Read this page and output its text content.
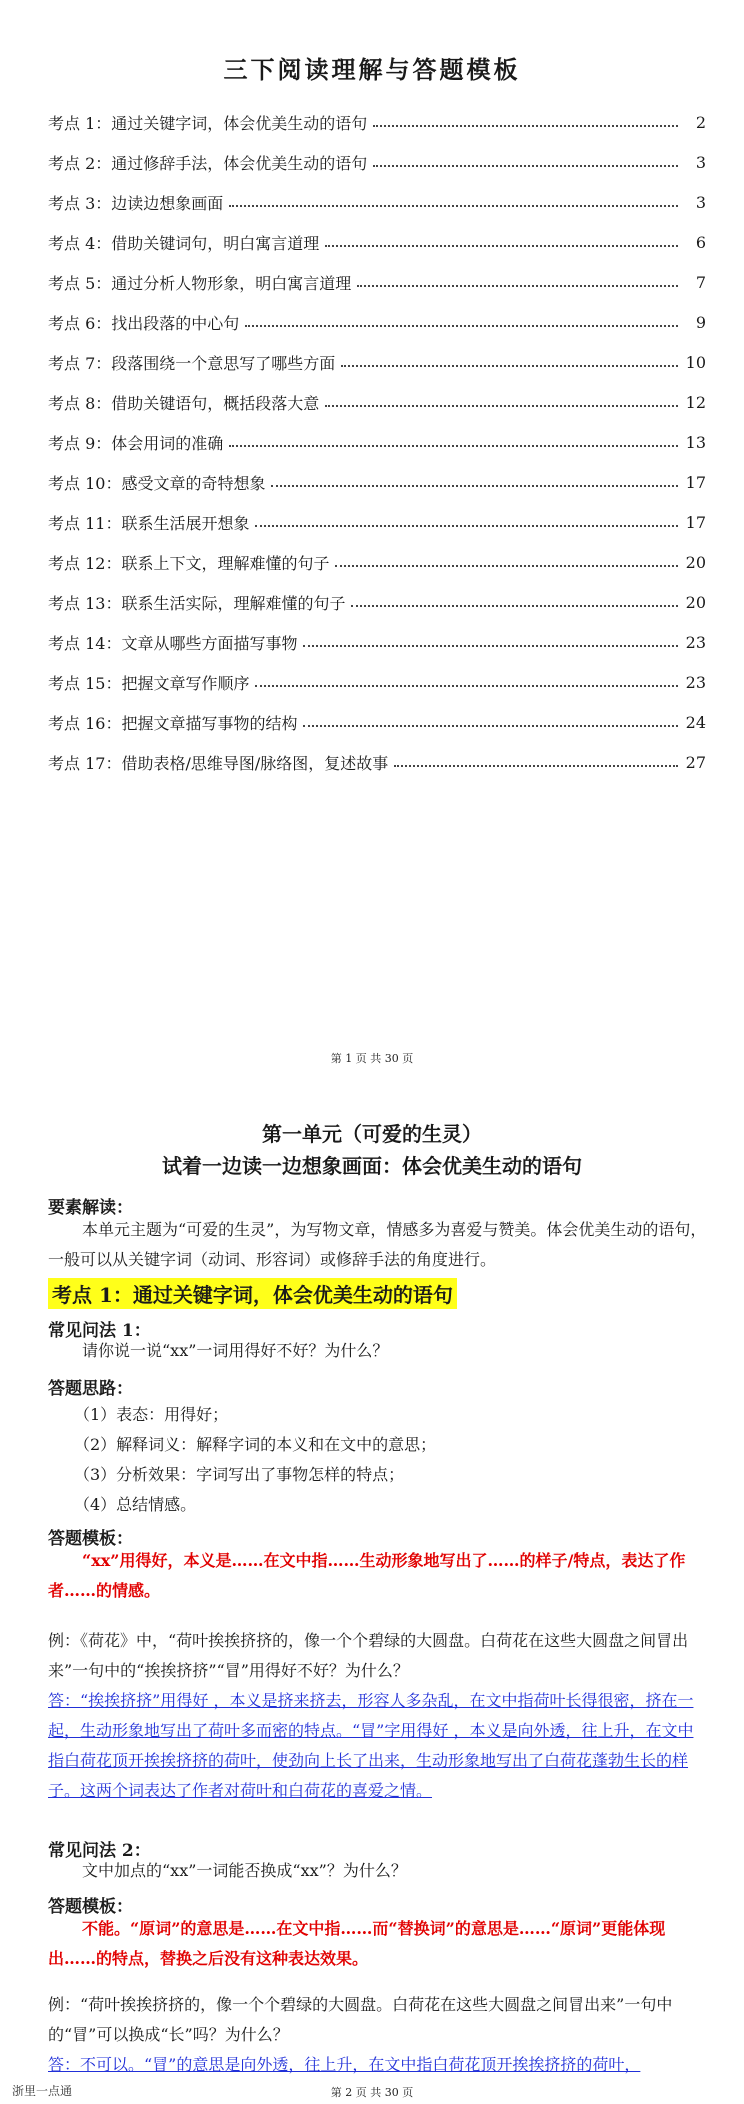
三下阅读理解与答题模板
考点 1：通过关键字词，体会优美生动的语句	2
考点 2：通过修辞手法，体会优美生动的语句	3
考点 3：边读边想象画面	3
考点 4：借助关键词句，明白寓言道理	6
考点 5：通过分析人物形象，明白寓言道理	7
考点 6：找出段落的中心句	9
考点 7：段落围绕一个意思写了哪些方面	10
考点 8：借助关键语句，概括段落大意	12
考点 9：体会用词的准确	13
考点 10：感受文章的奇特想象	17
考点 11：联系生活展开想象	17
考点 12：联系上下文，理解难懂的句子	20
考点 13：联系生活实际，理解难懂的句子	20
考点 14：文章从哪些方面描写事物	23
考点 15：把握文章写作顺序	23
考点 16：把握文章描写事物的结构	24
考点 17：借助表格/思维导图/脉络图，复述故事	27
第 1 页 共 30 页
第一单元（可爱的生灵）
试着一边读一边想象画面：体会优美生动的语句
要素解读：
本单元主题为“可爱的生灵”，为写物文章，情感多为喜爱与赞美。体会优美生动的语句，一般可以从关键字词（动词、形容词）或修辞手法的角度进行。
考点 1：通过关键字词，体会优美生动的语句
常见问法 1：
请你说一说“xx”一词用得好不好？为什么？
答题思路：
（1）表态：用得好；
（2）解释词义：解释字词的本义和在文中的意思；
（3）分析效果：字词写出了事物怎样的特点；
（4）总结情感。
答题模板：
“xx”用得好，本义是……在文中指……生动形象地写出了……的样子/特点，表达了作者……的情感。
例：《荷花》中，“荷叶挨挨挤挤的，像一个个碧绿的大圆盘。白荷花在这些大圆盘之间冒出来”一句中的“挨挨挤挤”“冒”用得好不好？为什么？
答：“挨挨挤挤”用得好 ，本义是挤来挤去，形容人多杂乱，在文中指荷叶长得很密，挤在一起，生动形象地写出了荷叶多而密的特点。“冒”字用得好 ，本义是向外透，往上升，在文中指白荷花顶开挨挨挤挤的荷叶，使劲向上长了出来，生动形象地写出了白荷花蓬勃生长的样子。这两个词表达了作者对荷叶和白荷花的喜爱之情。
常见问法 2：
文中加点的“xx”一词能否换成“xx”？为什么？
答题模板：
不能。“原词”的意思是……在文中指……而“替换词”的意思是……“原词”更能体现出……的特点，替换之后没有这种表达效果。
例：“荷叶挨挨挤挤的，像一个个碧绿的大圆盘。白荷花在这些大圆盘之间冒出来”一句中的“冒”可以换成“长”吗？为什么？
答：不可以。“冒”的意思是向外透，往上升，在文中指白荷花顶开挨挨挤挤的荷叶，
浙里一点通	第 2 页 共 30 页
